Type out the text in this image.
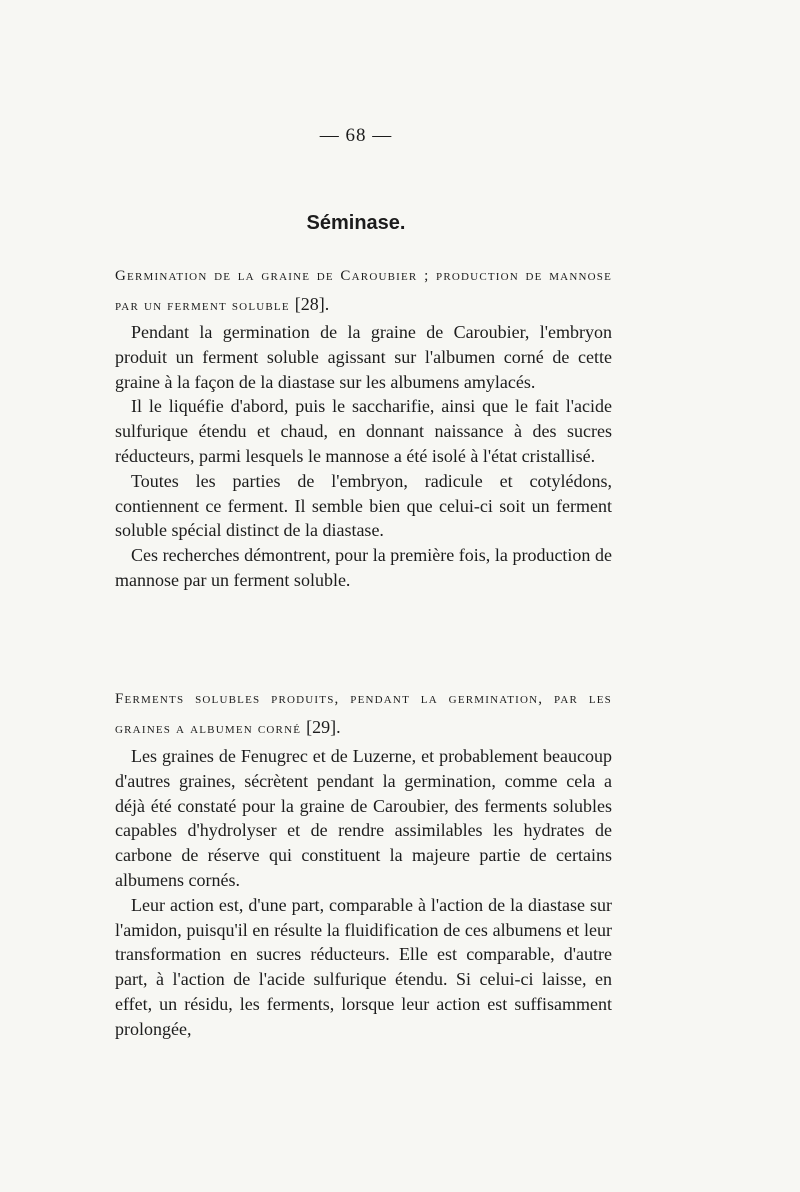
— 68 —
Séminase.

Germination de la graine de Caroubier ; production de mannose par un ferment soluble [28].

Pendant la germination de la graine de Caroubier, l'embryon produit un ferment soluble agissant sur l'albumen corné de cette graine à la façon de la diastase sur les albumens amylacés.

Il le liquéfie d'abord, puis le saccharifie, ainsi que le fait l'acide sulfurique étendu et chaud, en donnant naissance à des sucres réducteurs, parmi lesquels le mannose a été isolé à l'état cristallisé.

Toutes les parties de l'embryon, radicule et cotylédons, contiennent ce ferment. Il semble bien que celui-ci soit un ferment soluble spécial distinct de la diastase.

Ces recherches démontrent, pour la première fois, la production de mannose par un ferment soluble.

Ferments solubles produits, pendant la germination, par les graines a albumen corné [29].

Les graines de Fenugrec et de Luzerne, et probablement beaucoup d'autres graines, sécrètent pendant la germination, comme cela a déjà été constaté pour la graine de Caroubier, des ferments solubles capables d'hydrolyser et de rendre assimilables les hydrates de carbone de réserve qui constituent la majeure partie de certains albumens cornés.

Leur action est, d'une part, comparable à l'action de la diastase sur l'amidon, puisqu'il en résulte la fluidification de ces albumens et leur transformation en sucres réducteurs. Elle est comparable, d'autre part, à l'action de l'acide sulfurique étendu. Si celui-ci laisse, en effet, un résidu, les ferments, lorsque leur action est suffisamment prolongée,
